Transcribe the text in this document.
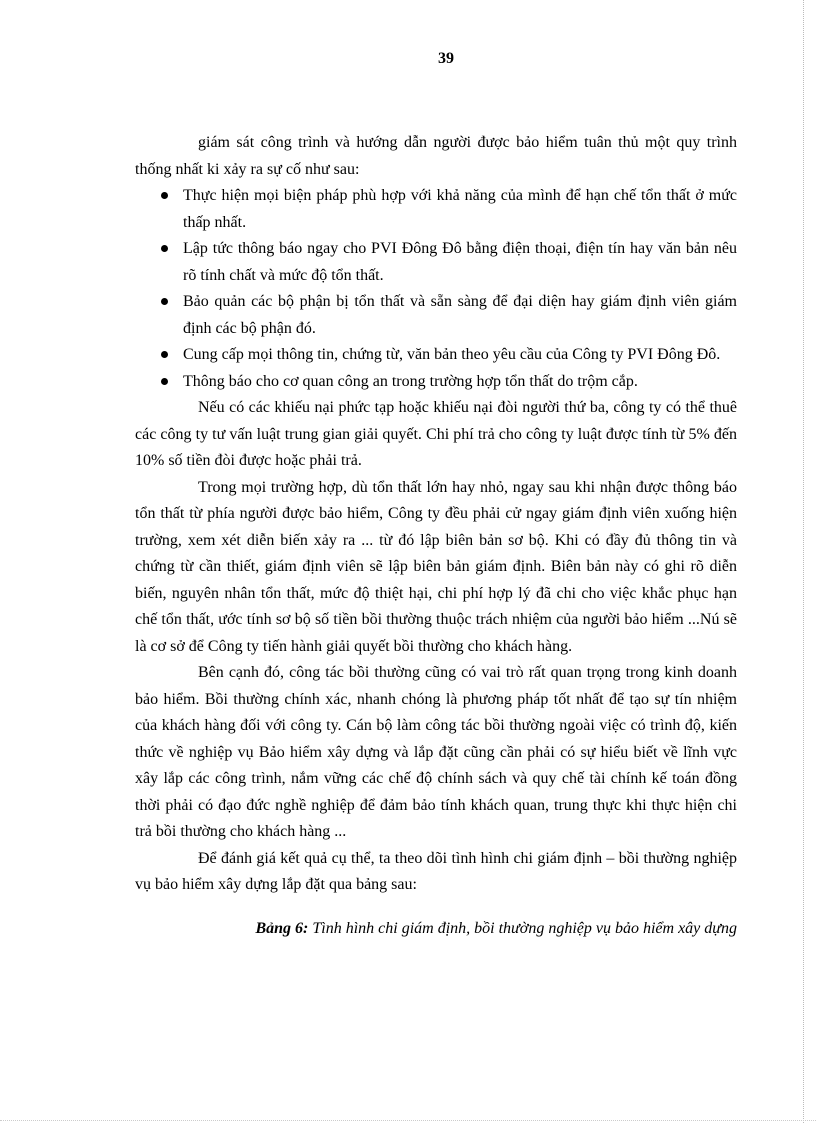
39

giám sát công trình và hướng dẫn người được bảo hiểm tuân thủ một quy trình thống nhất ki xảy ra sự cố như sau:

Thực hiện mọi biện pháp phù hợp với khả năng của mình để hạn chế tổn thất ở mức thấp nhất.
Lập tức thông báo ngay cho PVI Đông Đô bằng điện thoại, điện tín hay văn bản nêu rõ tính chất và mức độ tổn thất.
Bảo quản các bộ phận bị tổn thất và sẵn sàng để đại diện hay giám định viên giám định các bộ phận đó.
Cung cấp mọi thông tin, chứng từ, văn bản theo yêu cầu của Công ty PVI Đông Đô.
Thông báo cho cơ quan công an trong trường hợp tổn thất do trộm cắp.

Nếu có các khiếu nại phức tạp hoặc khiếu nại đòi người thứ ba, công ty có thể thuê các công ty tư vấn luật trung gian giải quyết. Chi phí trả cho công ty luật được tính từ 5% đến 10% số tiền đòi được hoặc phải trả.

Trong mọi trường hợp, dù tổn thất lớn hay nhỏ, ngay sau khi nhận được thông báo tổn thất từ phía người được bảo hiểm, Công ty đều phải cử ngay giám định viên xuống hiện trường, xem xét diễn biến xảy ra ... từ đó lập biên bản sơ bộ. Khi có đầy đủ thông tin và chứng từ cần thiết, giám định viên sẽ lập biên bản giám định. Biên bản này có ghi rõ diễn biến, nguyên nhân tổn thất, mức độ thiệt hại, chi phí hợp lý đã chi cho việc khắc phục hạn chế tổn thất, ước tính sơ bộ số tiền bồi thường thuộc trách nhiệm của người bảo hiểm ...Nú sẽ là cơ sở để Công ty tiến hành giải quyết bồi thường cho khách hàng.

Bên cạnh đó, công tác bồi thường cũng có vai trò rất quan trọng trong kinh doanh bảo hiểm. Bồi thường chính xác, nhanh chóng là phương pháp tốt nhất để tạo sự tín nhiệm của khách hàng đối với công ty. Cán bộ làm công tác bồi thường ngoài việc có trình độ, kiến thức về nghiệp vụ Bảo hiểm xây dựng và lắp đặt cũng cần phải có sự hiểu biết về lĩnh vực xây lắp các công trình, nắm vững các chế độ chính sách và quy chế tài chính kế toán đồng thời phải có đạo đức nghề nghiệp để đảm bảo tính khách quan, trung thực khi thực hiện chi trả bồi thường cho khách hàng ...

Để đánh giá kết quả cụ thể, ta theo dõi tình hình chi giám định – bồi thường nghiệp vụ bảo hiểm xây dựng lắp đặt qua bảng sau:

Bảng 6: Tình hình chi giám định, bồi thường nghiệp vụ bảo hiểm xây dựng
